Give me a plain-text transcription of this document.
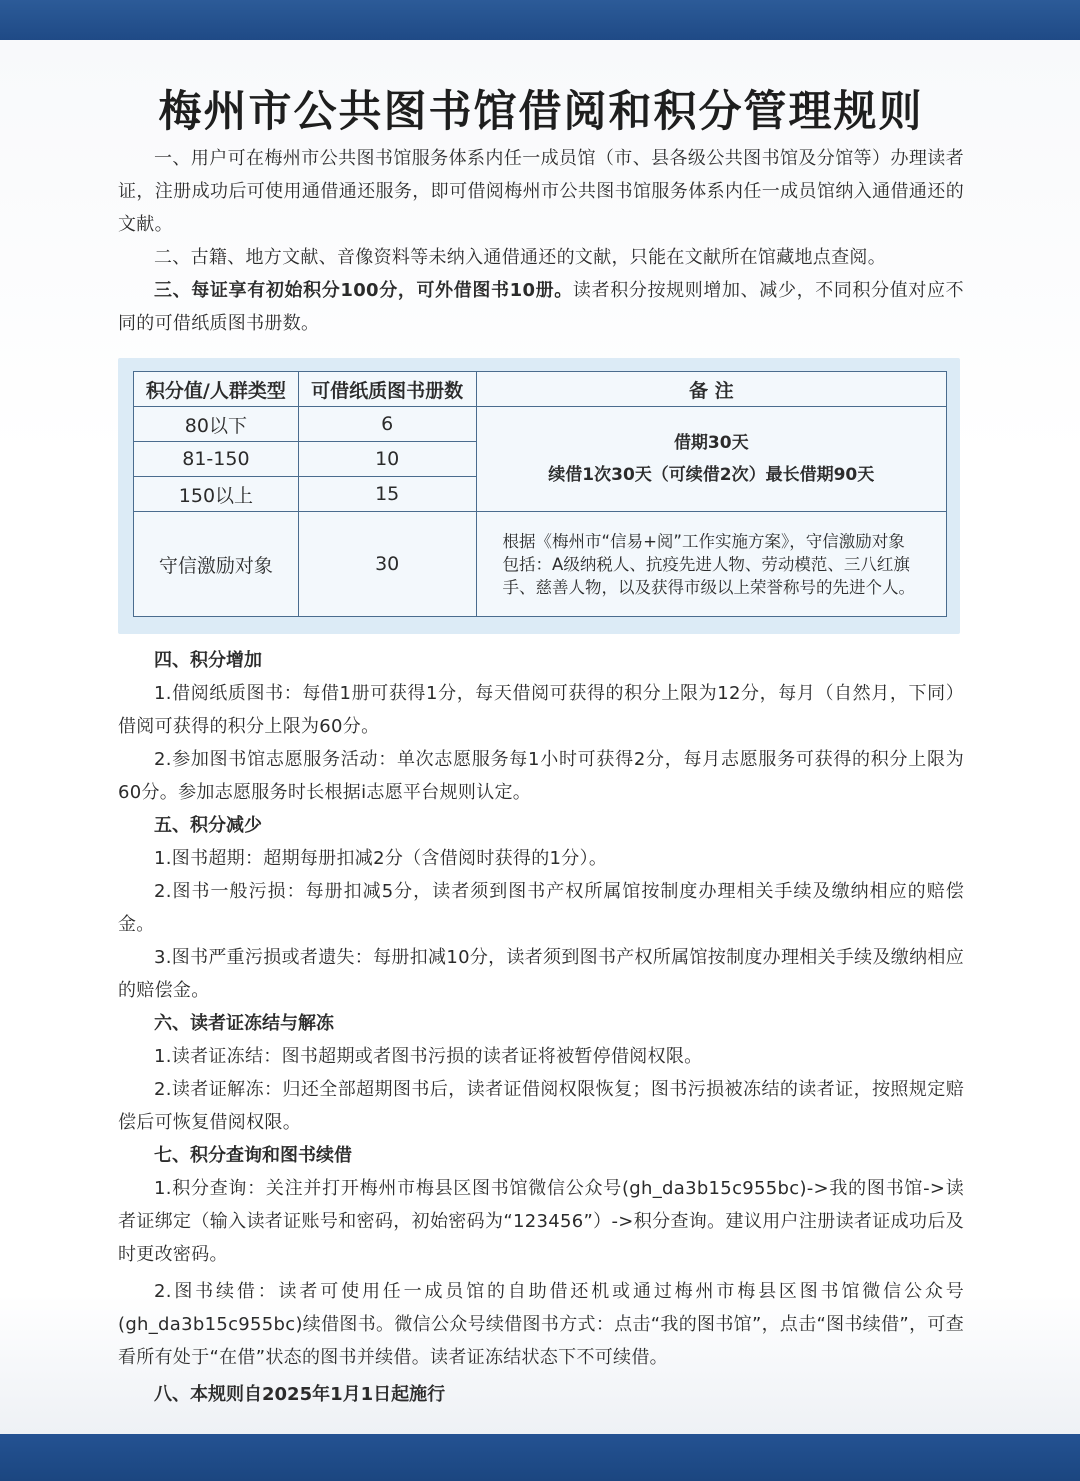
梅州市公共图书馆借阅和积分管理规则

一、用户可在梅州市公共图书馆服务体系内任一成员馆（市、县各级公共图书馆及分馆等）办理读者证，注册成功后可使用通借通还服务，即可借阅梅州市公共图书馆服务体系内任一成员馆纳入通借通还的文献。

二、古籍、地方文献、音像资料等未纳入通借通还的文献，只能在文献所在馆藏地点查阅。

三、每证享有初始积分100分，可外借图书10册。读者积分按规则增加、减少，不同积分值对应不同的可借纸质图书册数。

积分值/人群类型	可借纸质图书册数	备 注
80以下	6	借期30天
续借1次30天（可续借2次）最长借期90天

81-150	10	
150以上	15	
守信激励对象	30	根据《梅州市“信易+阅”工作实施方案》，守信激励对象包括：A级纳税人、抗疫先进人物、劳动模范、三八红旗手、慈善人物，以及获得市级以上荣誉称号的先进个人。

四、积分增加

1.借阅纸质图书：每借1册可获得1分，每天借阅可获得的积分上限为12分，每月（自然月，下同）借阅可获得的积分上限为60分。

2.参加图书馆志愿服务活动：单次志愿服务每1小时可获得2分，每月志愿服务可获得的积分上限为60分。参加志愿服务时长根据i志愿平台规则认定。

五、积分减少

1.图书超期：超期每册扣减2分（含借阅时获得的1分）。

2.图书一般污损：每册扣减5分，读者须到图书产权所属馆按制度办理相关手续及缴纳相应的赔偿金。

3.图书严重污损或者遗失：每册扣减10分，读者须到图书产权所属馆按制度办理相关手续及缴纳相应的赔偿金。

六、读者证冻结与解冻

1.读者证冻结：图书超期或者图书污损的读者证将被暂停借阅权限。

2.读者证解冻：归还全部超期图书后，读者证借阅权限恢复；图书污损被冻结的读者证，按照规定赔偿后可恢复借阅权限。

七、积分查询和图书续借

1.积分查询：关注并打开梅州市梅县区图书馆微信公众号(gh_da3b15c955bc)->我的图书馆->读者证绑定（输入读者证账号和密码，初始密码为“123456”）->积分查询。建议用户注册读者证成功后及时更改密码。

2.图书续借：读者可使用任一成员馆的自助借还机或通过梅州市梅县区图书馆微信公众号(gh_da3b15c955bc)续借图书。微信公众号续借图书方式：点击“我的图书馆”，点击“图书续借”，可查看所有处于“在借”状态的图书并续借。读者证冻结状态下不可续借。

八、本规则自2025年1月1日起施行
